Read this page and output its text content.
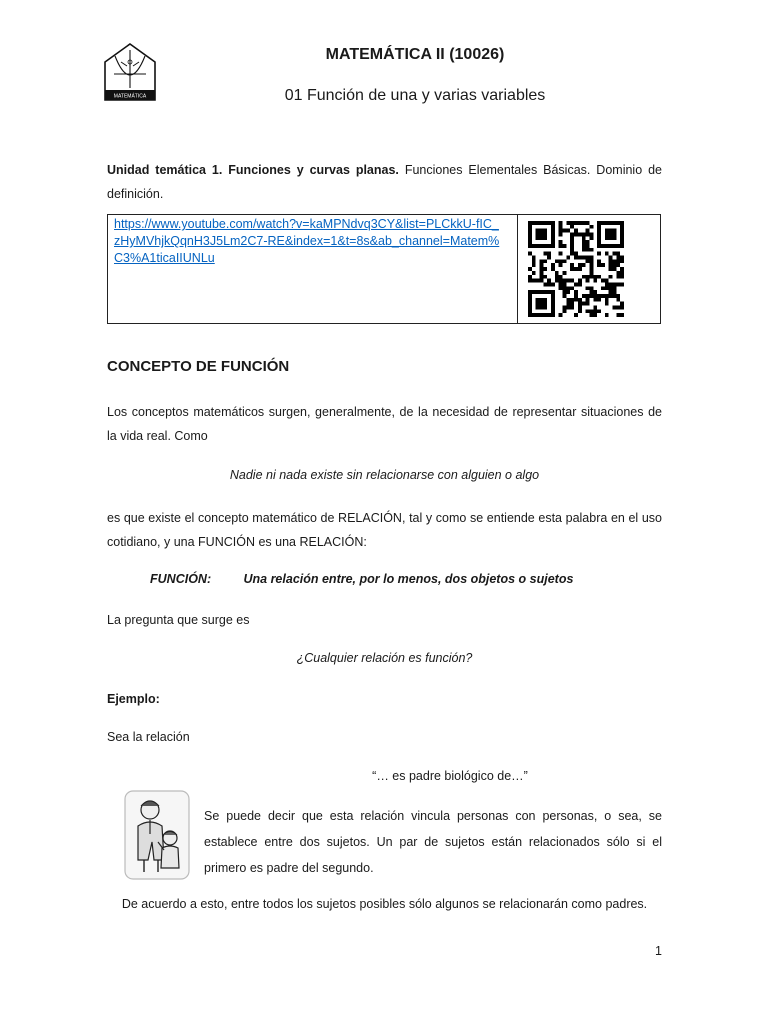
MATEMÁTICA
MATEMÁTICA II (10026)
01 Función de una y varias variables
Unidad temática 1. Funciones y curvas planas. Funciones Elementales Básicas. Dominio de definición.
https://www.youtube.com/watch?v=kaMPNdvq3CY&list=PLCkkU-fIC_zHyMVhjkQqnH3J5Lm2C7-RE&index=1&t=8s&ab_channel=Matem%C3%A1ticaIIUNLu
CONCEPTO DE FUNCIÓN
Los conceptos matemáticos surgen, generalmente, de la necesidad de representar situaciones de la vida real. Como
Nadie ni nada existe sin relacionarse con alguien o algo
es que existe el concepto matemático de RELACIÓN, tal y como se entiende esta palabra en el uso cotidiano, y una FUNCIÓN es una RELACIÓN:
FUNCIÓN:	Una relación entre, por lo menos, dos objetos o sujetos
La pregunta que surge es
¿Cualquier relación es función?
Ejemplo:
Sea la relación
“… es padre biológico de…”
Se puede decir que esta relación vincula personas con personas, o sea, se establece entre dos sujetos. Un par de sujetos están relacionados sólo si el primero es padre del segundo.
De acuerdo a esto, entre todos los sujetos posibles sólo algunos se relacionarán como padres.
1
